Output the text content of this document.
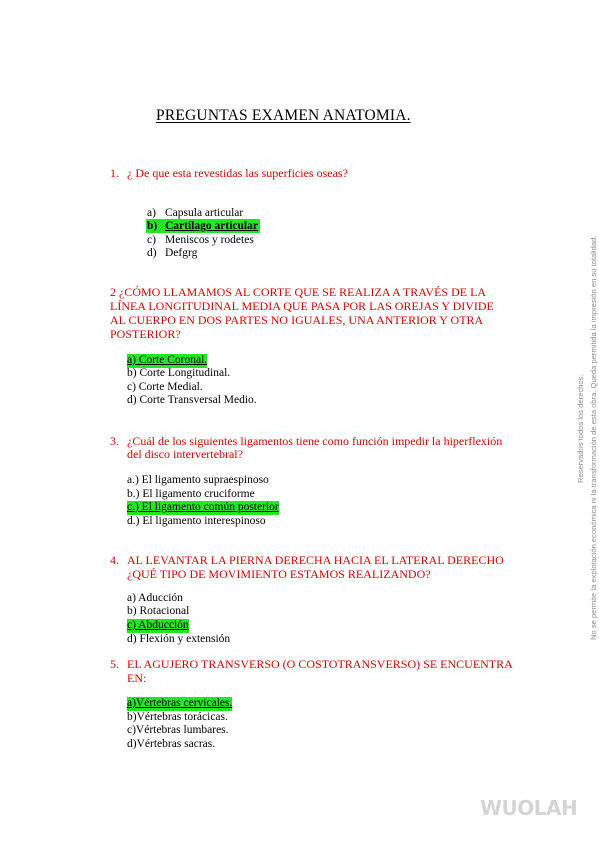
PREGUNTAS EXAMEN ANATOMIA.
1. ¿ De que esta revestidas las superficies oseas?
a) Capsula articular
b) Cartílago articular
c) Meniscos y rodetes
d) Defgrg
2 ¿CÓMO LLAMAMOS AL CORTE QUE SE REALIZA A TRAVÉS DE LA
LÍNEA LONGITUDINAL MEDIA QUE PASA POR LAS OREJAS Y DIVIDE
AL CUERPO EN DOS PARTES NO IGUALES, UNA ANTERIOR Y OTRA
POSTERIOR?
a) Corte Coronal.
b) Corte Longitudinal.
c) Corte Medial.
d) Corte Transversal Medio.
3. ¿Cuál de los siguientes ligamentos tiene como función impedir la hiperflexión
del disco intervertebral?
a.) El ligamento supraespinoso
b.) El ligamento cruciforme
c.) El ligamento común posterior
d.) El ligamento interespinoso
4. AL LEVANTAR LA PIERNA DERECHA HACIA EL LATERAL DERECHO
¿QUÉ TIPO DE MOVIMIENTO ESTAMOS REALIZANDO?
a) Aducción
b) Rotacional
c) Abducción
d) Flexión y extensión
5. EL AGUJERO TRANSVERSO (O COSTOTRANSVERSO) SE ENCUENTRA
EN:
a)Vértebras cervicales.
b)Vértebras torácicas.
c)Vértebras lumbares.
d)Vértebras sacras.
Reservados todos los derechos. No se permite la explotación económica ni la transformación de esta obra. Queda permitida la impresión en su totalidad.
WUOLAH
